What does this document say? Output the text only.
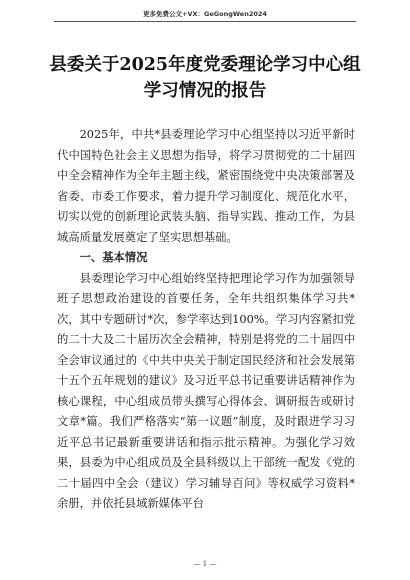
更多免费公文+VX：GeGongWen2024
县委关于2025年度党委理论学习中心组
学习情况的报告

2025年，中共*县委理论学习中心组坚持以习近平新时代中国特色社会主义思想为指导，将学习贯彻党的二十届四中全会精神作为全年主题主线，紧密围绕党中央决策部署及省委、市委工作要求，着力提升学习制度化、规范化水平，切实以党的创新理论武装头脑、指导实践、推动工作，为县域高质量发展奠定了坚实思想基础。

一、基本情况

县委理论学习中心组始终坚持把理论学习作为加强领导班子思想政治建设的首要任务，全年共组织集体学习共*次，其中专题研讨*次，参学率达到100%。学习内容紧扣党的二十大及二十届历次全会精神，特别是将党的二十届四中全会审议通过的《中共中央关于制定国民经济和社会发展第十五个五年规划的建议》及习近平总书记重要讲话精神作为核心课程，中心组成员带头撰写心得体会、调研报告或研讨文章*篇。我们严格落实“第一议题”制度，及时跟进学习习近平总书记最新重要讲话和指示批示精神。为强化学习效果，县委为中心组成员及全县科级以上干部统一配发《党的二十届四中全会（建议）学习辅导百问》等权威学习资料*余册，并依托县域新媒体平台

— 1 —
